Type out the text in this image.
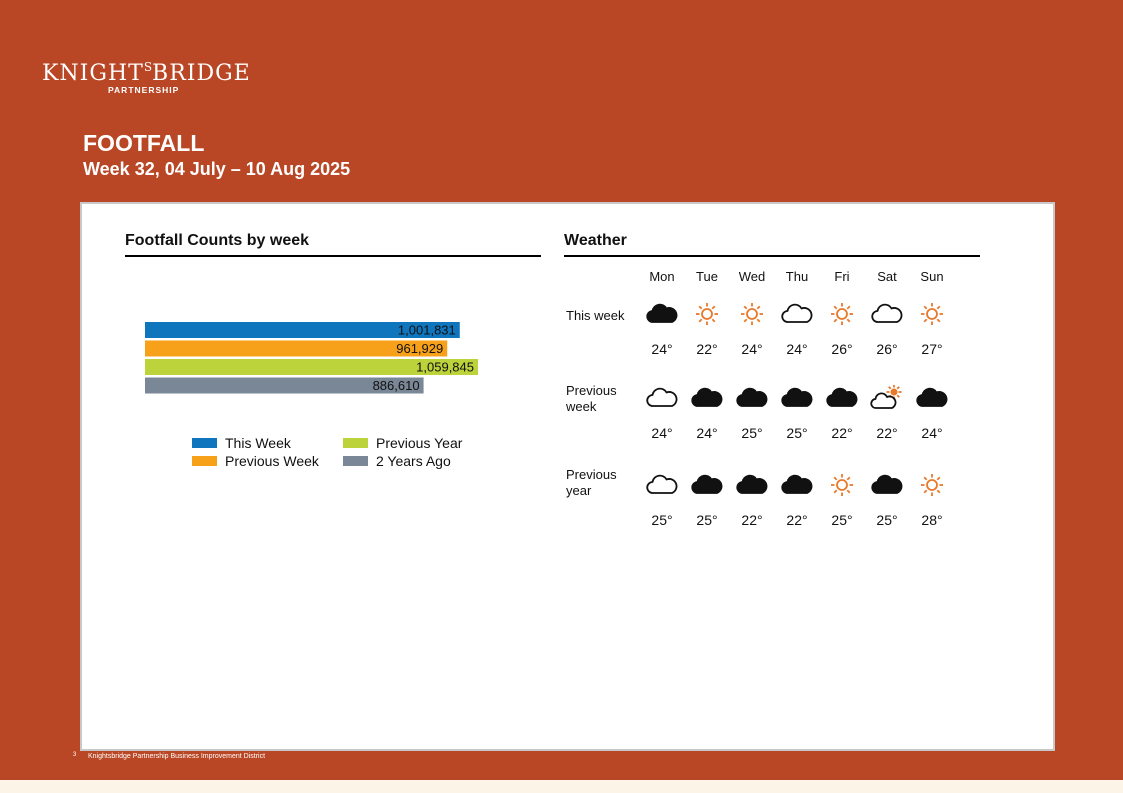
$KNIGHT^SBRIDGE$
PARTNERSHIP
FOOTFALL
Week 32, 04 July – 10 Aug 2025
Footfall Counts by week
1,001,831
961,929
1,059,845
886,610
This Week	Previous Year
Previous Week	2 Years Ago
Weather
Mon	Tue	Wed	Thu	Fri	Sat	Sun
This week
24°	22°	24°	24°	26°	26°	27°
Previous week
24°	24°	25°	25°	22°	22°	24°
Previous year
25°	25°	22°	22°	25°	25°	28°
3 Knightsbridge Partnership Business Improvement District
